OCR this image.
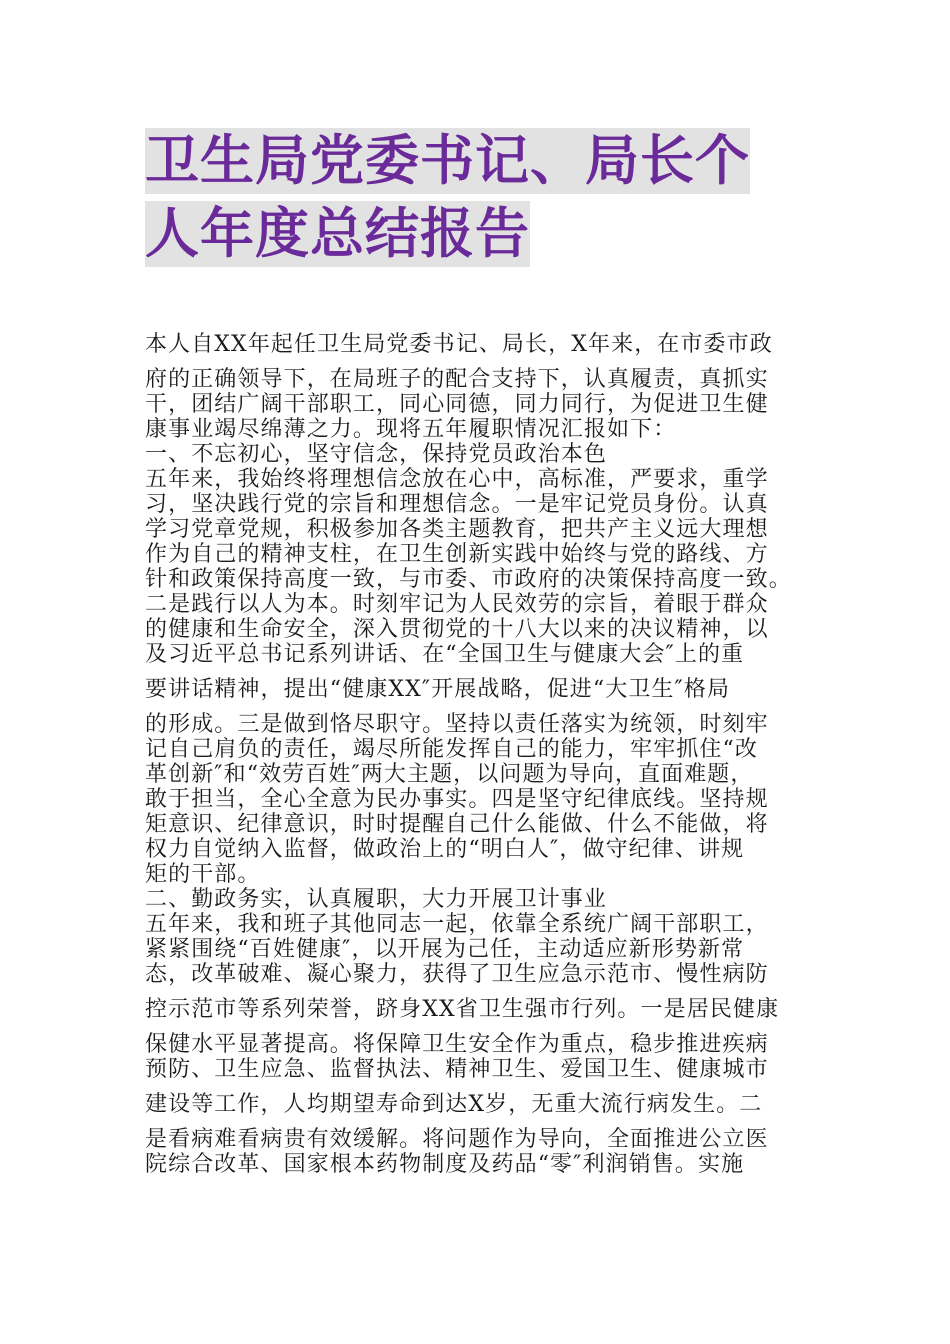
卫生局党委书记、局长个
人年度总结报告
本人自XX年起任卫生局党委书记、局长，X年来，在市委市政
府的正确领导下，在局班子的配合支持下，认真履责，真抓实
干，团结广阔干部职工，同心同德，同力同行，为促进卫生健
康事业竭尽绵薄之力。现将五年履职情况汇报如下：
一、不忘初心，坚守信念，保持党员政治本色
五年来，我始终将理想信念放在心中，高标准，严要求，重学
习，坚决践行党的宗旨和理想信念。一是牢记党员身份。认真
学习党章党规，积极参加各类主题教育，把共产主义远大理想
作为自己的精神支柱，在卫生创新实践中始终与党的路线、方
针和政策保持高度一致，与市委、市政府的决策保持高度一致。
二是践行以人为本。时刻牢记为人民效劳的宗旨，着眼于群众
的健康和生命安全，深入贯彻党的十八大以来的决议精神，以
及习近平总书记系列讲话、在“全国卫生与健康大会″上的重
要讲话精神，提出“健康XX″开展战略，促进“大卫生″格局
的形成。三是做到恪尽职守。坚持以责任落实为统领，时刻牢
记自己肩负的责任，竭尽所能发挥自己的能力，牢牢抓住“改
革创新″和“效劳百姓″两大主题，以问题为导向，直面难题，
敢于担当，全心全意为民办事实。四是坚守纪律底线。坚持规
矩意识、纪律意识，时时提醒自己什么能做、什么不能做，将
权力自觉纳入监督，做政治上的“明白人″，做守纪律、讲规
矩的干部。
二、勤政务实，认真履职，大力开展卫计事业
五年来，我和班子其他同志一起，依靠全系统广阔干部职工，
紧紧围绕“百姓健康″，以开展为己任，主动适应新形势新常
态，改革破难、凝心聚力，获得了卫生应急示范市、慢性病防
控示范市等系列荣誉，跻身XX省卫生强市行列。一是居民健康
保健水平显著提高。将保障卫生安全作为重点，稳步推进疾病
预防、卫生应急、监督执法、精神卫生、爱国卫生、健康城市
建设等工作，人均期望寿命到达X岁，无重大流行病发生。二
是看病难看病贵有效缓解。将问题作为导向，全面推进公立医
院综合改革、国家根本药物制度及药品“零″利润销售。实施
